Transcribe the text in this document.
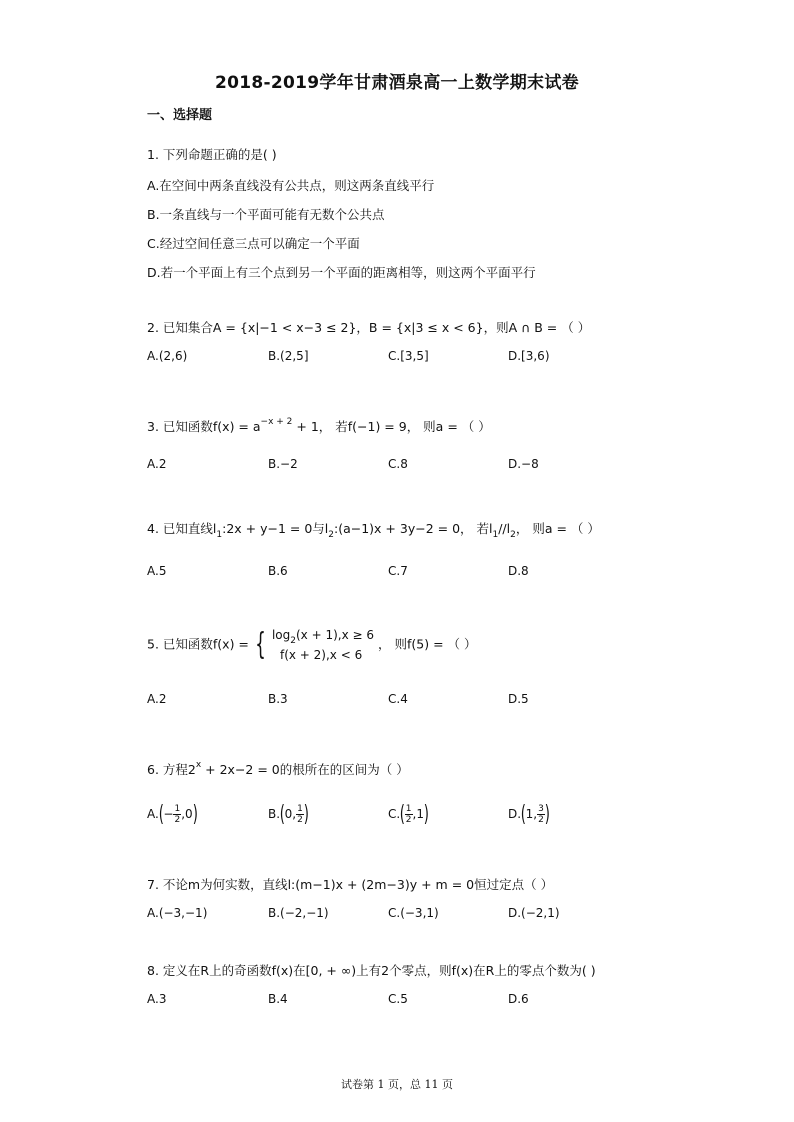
2018-2019学年甘肃酒泉高一上数学期末试卷
一、选择题
1. 下列命题正确的是( )
A.在空间中两条直线没有公共点，则这两条直线平行
B.一条直线与一个平面可能有无数个公共点
C.经过空间任意三点可以确定一个平面
D.若一个平面上有三个点到另一个平面的距离相等，则这两个平面平行
2. 已知集合A = {x|−1 < x−3 ≤ 2}，B = {x|3 ≤ x < 6}，则A ∩ B = （ ）
A.(2,6)	B.(2,5]	C.[3,5]	D.[3,6)
3. 已知函数$f(x) = a^{-x + 2} + 1$， 若f(−1) = 9， 则a = （ ）
A.2	B.−2	C.8	D.−8
4. 已知直线$l_1:2x + y-1 = 0$与$l_2:(a-1)x + 3y-2 = 0$， 若$l_1//l_2$， 则a = （ ）
A.5	B.6	C.7	D.8
5. 已知函数f(x) = { $\log_2(x + 1),x \ge 6$
f(x + 2),x < 6
， 则f(5) = （ ）
A.2	B.3	C.4	D.5
6. 方程$2^x + 2x-2 = 0$的根所在的区间为（ ）
$A.(- \frac{1}{2} ,0)$	B.(0, $\frac{1}{2}$ )	$C.( \frac{1}{2} ,1)$	D.(1, $\frac{3}{2}$ )
7. 不论m为何实数，直线l:(m−1)x + (2m−3)y + m = 0恒过定点（ ）
A.(−3,−1)	B.(−2,−1)	C.(−3,1)	D.(−2,1)
8. 定义在R上的奇函数f(x)在[0, + ∞)上有2个零点，则f(x)在R上的零点个数为( )
A.3	B.4	C.5	D.6
试卷第 1 页，总 11 页
